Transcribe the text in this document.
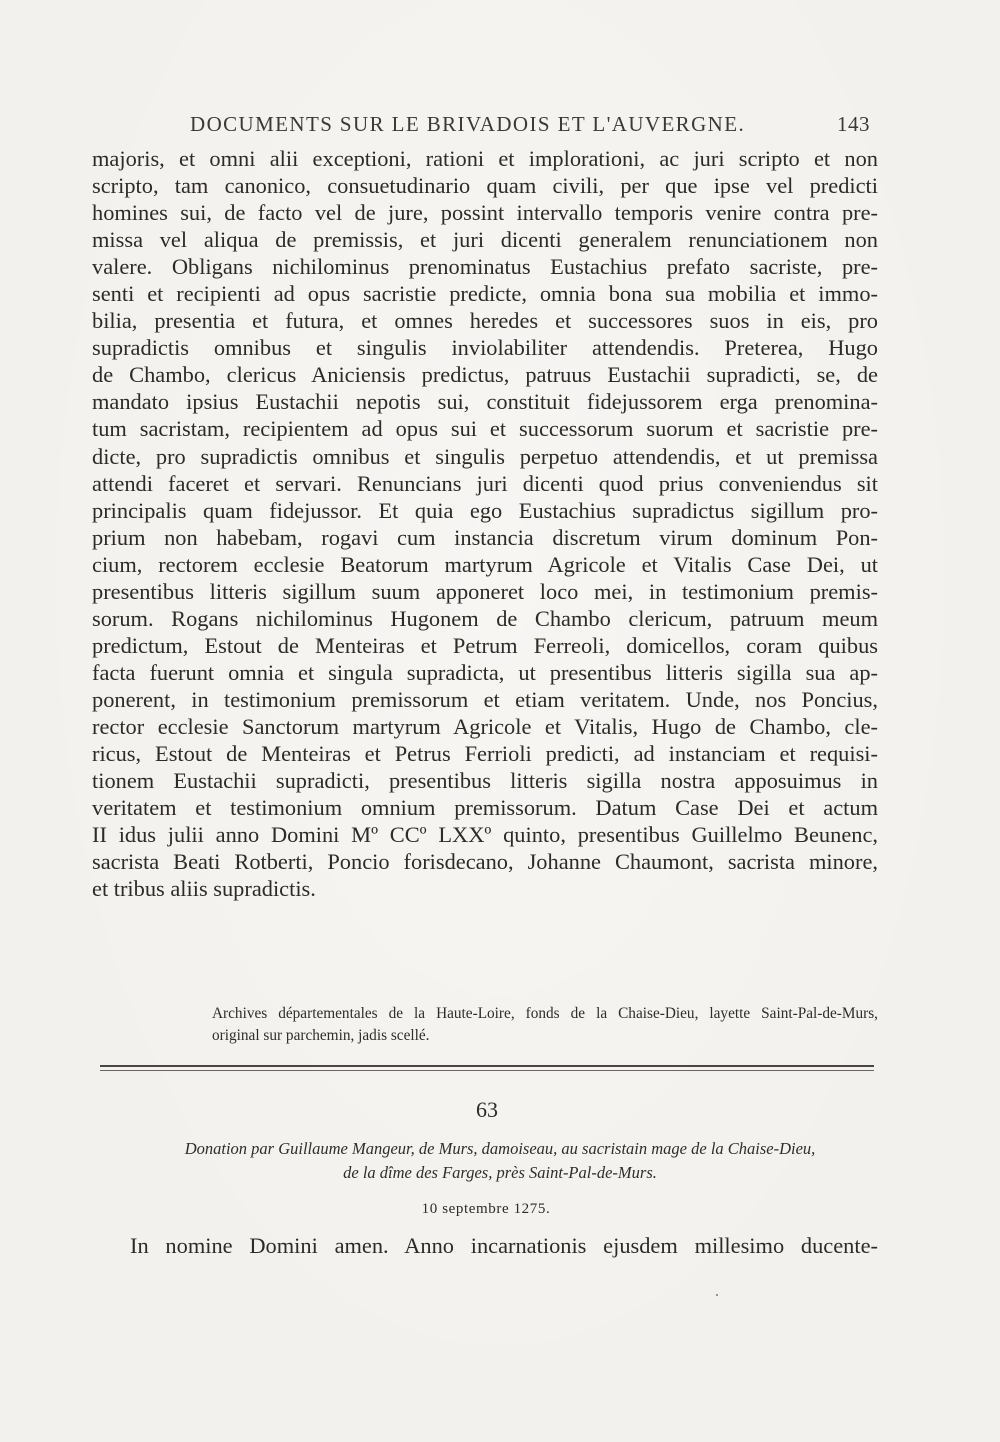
DOCUMENTS SUR LE BRIVADOIS ET L'AUVERGNE.	143
majoris, et omni alii exceptioni, rationi et implorationi, ac juri scripto et non
scripto, tam canonico, consuetudinario quam civili, per que ipse vel predicti
homines sui, de facto vel de jure, possint intervallo temporis venire contra pre-
missa vel aliqua de premissis, et juri dicenti generalem renunciationem non
valere. Obligans nichilominus prenominatus Eustachius prefato sacriste, pre-
senti et recipienti ad opus sacristie predicte, omnia bona sua mobilia et immo-
bilia, presentia et futura, et omnes heredes et successores suos in eis, pro
supradictis omnibus et singulis inviolabiliter attendendis. Preterea, Hugo
de Chambo, clericus Aniciensis predictus, patruus Eustachii supradicti, se, de
mandato ipsius Eustachii nepotis sui, constituit fidejussorem erga prenomina-
tum sacristam, recipientem ad opus sui et successorum suorum et sacristie pre-
dicte, pro supradictis omnibus et singulis perpetuo attendendis, et ut premissa
attendi faceret et servari. Renuncians juri dicenti quod prius conveniendus sit
principalis quam fidejussor. Et quia ego Eustachius supradictus sigillum pro-
prium non habebam, rogavi cum instancia discretum virum dominum Pon-
cium, rectorem ecclesie Beatorum martyrum Agricole et Vitalis Case Dei, ut
presentibus litteris sigillum suum apponeret loco mei, in testimonium premis-
sorum. Rogans nichilominus Hugonem de Chambo clericum, patruum meum
predictum, Estout de Menteiras et Petrum Ferreoli, domicellos, coram quibus
facta fuerunt omnia et singula supradicta, ut presentibus litteris sigilla sua ap-
ponerent, in testimonium premissorum et etiam veritatem. Unde, nos Poncius,
rector ecclesie Sanctorum martyrum Agricole et Vitalis, Hugo de Chambo, cle-
ricus, Estout de Menteiras et Petrus Ferrioli predicti, ad instanciam et requisi-
tionem Eustachii supradicti, presentibus litteris sigilla nostra apposuimus in
veritatem et testimonium omnium premissorum. Datum Case Dei et actum
II idus julii anno Domini Mº CCº LXXº quinto, presentibus Guillelmo Beunenc,
sacrista Beati Rotberti, Poncio forisdecano, Johanne Chaumont, sacrista minore,
et tribus aliis supradictis.
Archives départementales de la Haute-Loire, fonds de la Chaise-Dieu, layette Saint-Pal-de-Murs,
original sur parchemin, jadis scellé.
63
Donation par Guillaume Mangeur, de Murs, damoiseau, au sacristain mage de la Chaise-Dieu,
de la dîme des Farges, près Saint-Pal-de-Murs.
10 septembre 1275.
In nomine Domini amen. Anno incarnationis ejusdem millesimo ducente-
